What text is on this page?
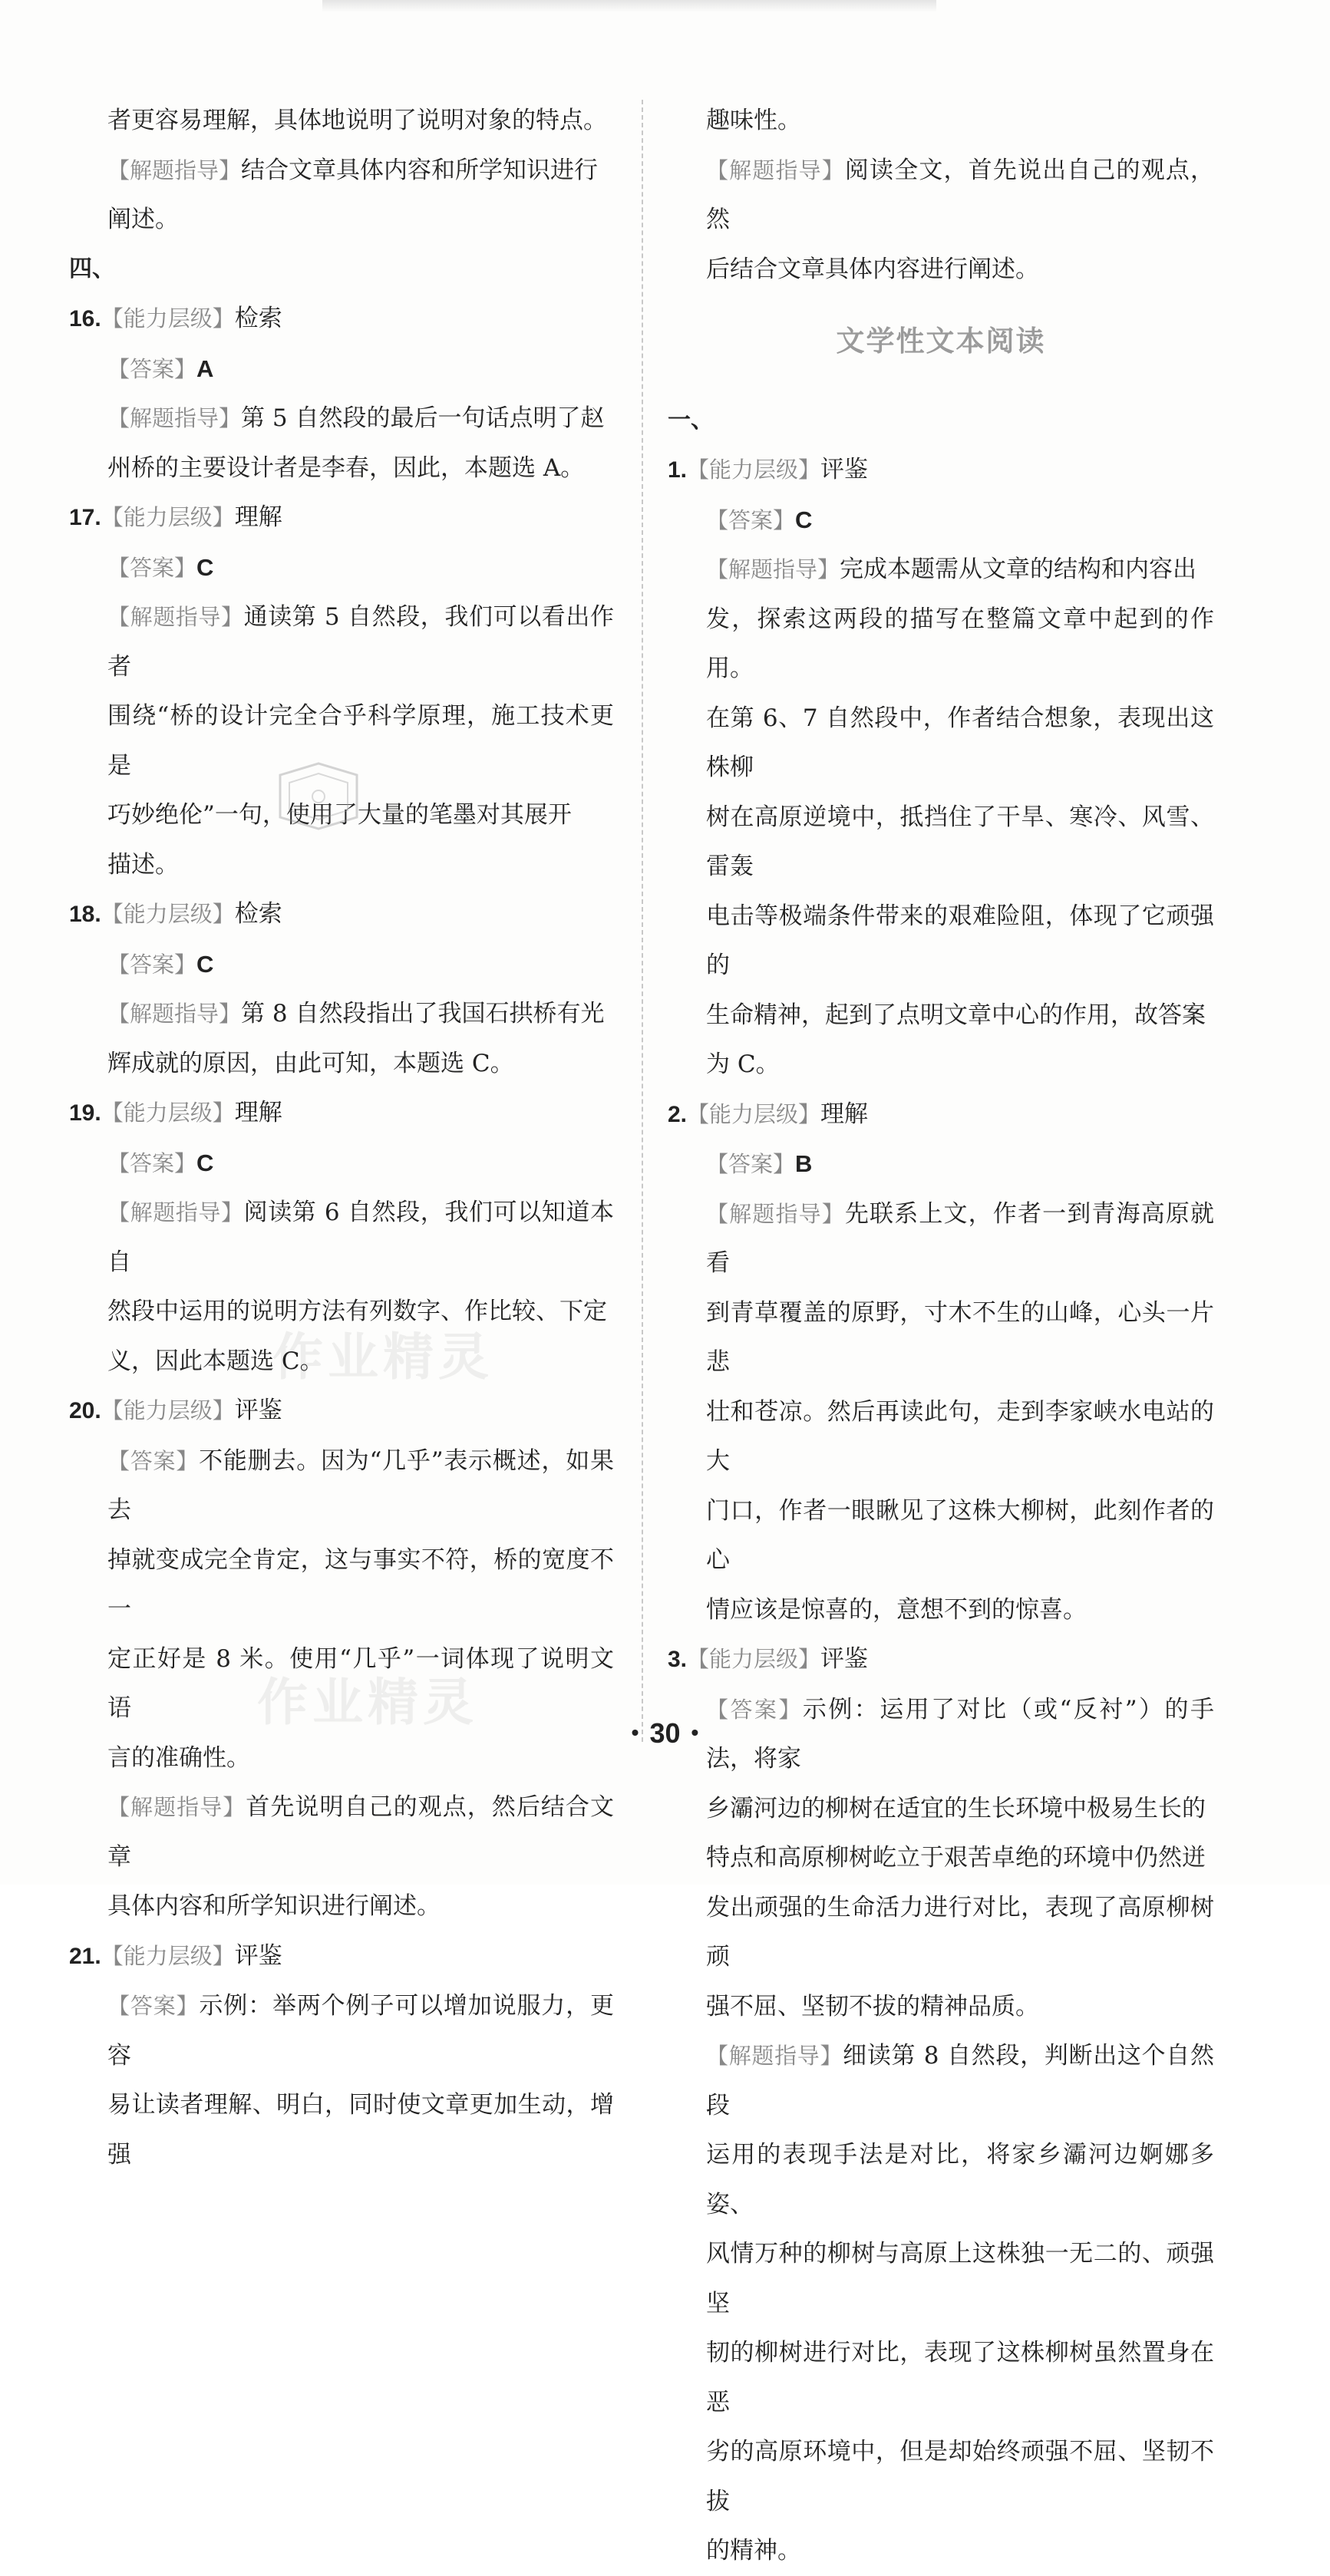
者更容易理解，具体地说明了说明对象的特点。

【解题指导】结合文章具体内容和所学知识进行

阐述。

四、

16.【能力层级】检索

【答案】A

【解题指导】第 5 自然段的最后一句话点明了赵

州桥的主要设计者是李春，因此，本题选 A。

17.【能力层级】理解

【答案】C

【解题指导】通读第 5 自然段，我们可以看出作者

围绕“桥的设计完全合乎科学原理，施工技术更是

巧妙绝伦”一句，使用了大量的笔墨对其展开

描述。

18.【能力层级】检索

【答案】C

【解题指导】第 8 自然段指出了我国石拱桥有光

辉成就的原因，由此可知，本题选 C。

19.【能力层级】理解

【答案】C

【解题指导】阅读第 6 自然段，我们可以知道本自

然段中运用的说明方法有列数字、作比较、下定

义，因此本题选 C。

20.【能力层级】评鉴

【答案】不能删去。因为“几乎”表示概述，如果去

掉就变成完全肯定，这与事实不符，桥的宽度不一

定正好是 8 米。使用“几乎”一词体现了说明文语

言的准确性。

【解题指导】首先说明自己的观点，然后结合文章

具体内容和所学知识进行阐述。

21.【能力层级】评鉴

【答案】示例：举两个例子可以增加说服力，更容

易让读者理解、明白，同时使文章更加生动，增强

趣味性。

【解题指导】阅读全文，首先说出自己的观点，然

后结合文章具体内容进行阐述。

文学性文本阅读

一、

1.【能力层级】评鉴

【答案】C

【解题指导】完成本题需从文章的结构和内容出

发，探索这两段的描写在整篇文章中起到的作用。

在第 6、7 自然段中，作者结合想象，表现出这株柳

树在高原逆境中，抵挡住了干旱、寒冷、风雪、雷轰

电击等极端条件带来的艰难险阻，体现了它顽强的

生命精神，起到了点明文章中心的作用，故答案

为 C。

2.【能力层级】理解

【答案】B

【解题指导】先联系上文，作者一到青海高原就看

到青草覆盖的原野，寸木不生的山峰，心头一片悲

壮和苍凉。然后再读此句，走到李家峡水电站的大

门口，作者一眼瞅见了这株大柳树，此刻作者的心

情应该是惊喜的，意想不到的惊喜。

3.【能力层级】评鉴

【答案】示例：运用了对比（或“反衬”）的手法，将家

乡灞河边的柳树在适宜的生长环境中极易生长的

特点和高原柳树屹立于艰苦卓绝的环境中仍然迸

发出顽强的生命活力进行对比，表现了高原柳树顽

强不屈、坚韧不拔的精神品质。

【解题指导】细读第 8 自然段，判断出这个自然段

运用的表现手法是对比，将家乡灞河边婀娜多姿、

风情万种的柳树与高原上这株独一无二的、顽强坚

韧的柳树进行对比，表现了这株柳树虽然置身在恶

劣的高原环境中，但是却始终顽强不屈、坚韧不拔

的精神。

作业精灵
作业精灵
• 30 •
